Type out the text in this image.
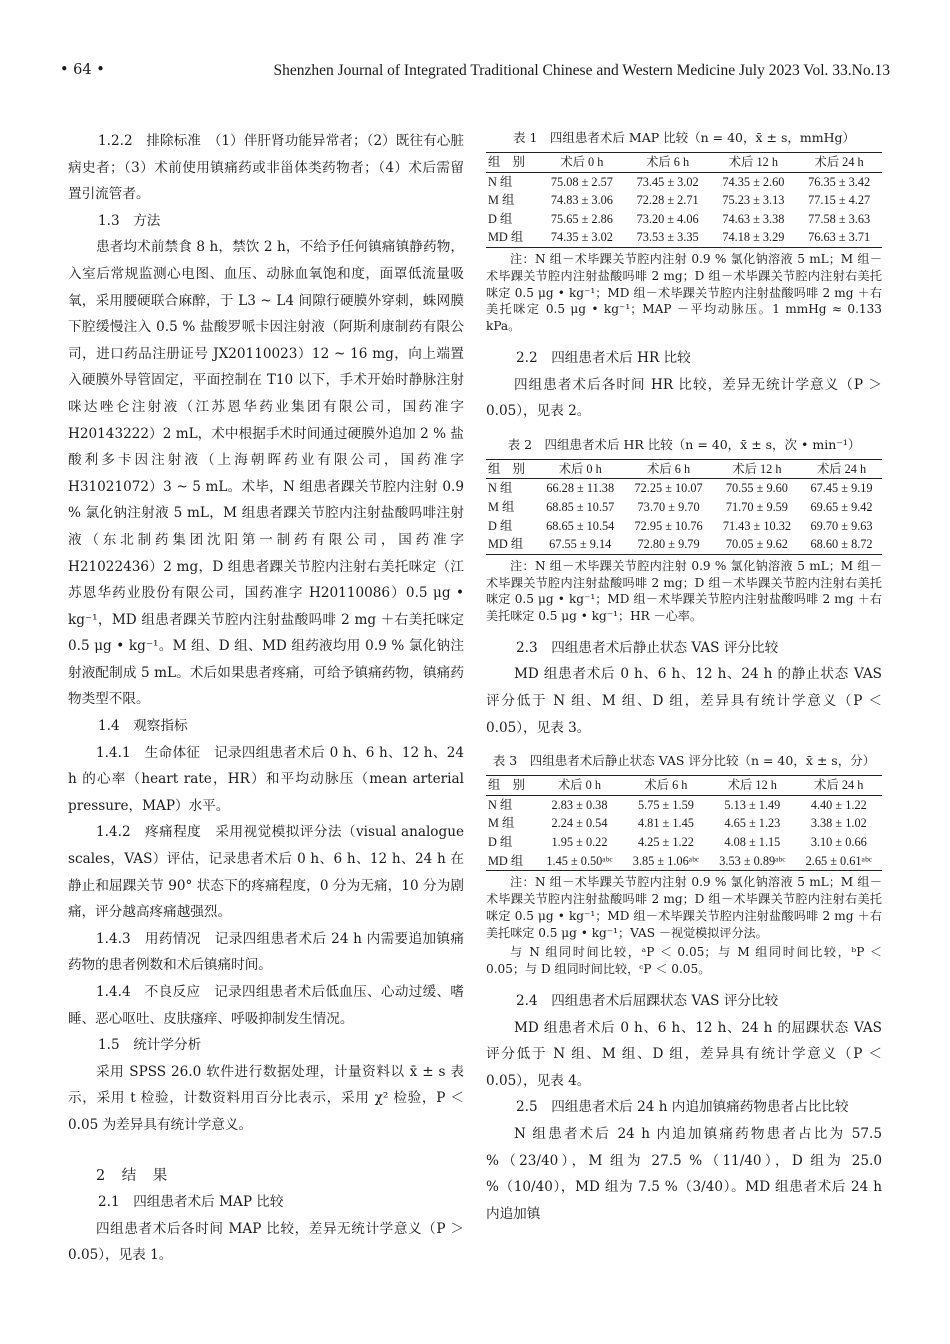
• 64 •	Shenzhen Journal of Integrated Traditional Chinese and Western Medicine July 2023 Vol. 33.No.13

1.2.2　排除标准　（1）伴肝肾功能异常者；（2）既往有心脏病史者；（3）术前使用镇痛药或非甾体类药物者；（4）术后需留置引流管者。

1.3　方法

患者均术前禁食 8 h，禁饮 2 h，不给予任何镇痛镇静药物，入室后常规监测心电图、血压、动脉血氧饱和度，面罩低流量吸氧，采用腰硬联合麻醉，于 L3 ~ L4 间隙行硬膜外穿刺，蛛网膜下腔缓慢注入 0.5 % 盐酸罗哌卡因注射液（阿斯利康制药有限公司，进口药品注册证号 JX20110023）12 ~ 16 mg，向上端置入硬膜外导管固定，平面控制在 T10 以下，手术开始时静脉注射咪达唑仑注射液（江苏恩华药业集团有限公司，国药准字 H20143222）2 mL，术中根据手术时间通过硬膜外追加 2 % 盐酸利多卡因注射液（上海朝晖药业有限公司，国药准字 H31021072）3 ~ 5 mL。术毕，N 组患者踝关节腔内注射 0.9 % 氯化钠注射液 5 mL，M 组患者踝关节腔内注射盐酸吗啡注射液（东北制药集团沈阳第一制药有限公司，国药准字 H21022436）2 mg，D 组患者踝关节腔内注射右美托咪定（江苏恩华药业股份有限公司，国药准字 H20110086）0.5 μg • kg⁻¹，MD 组患者踝关节腔内注射盐酸吗啡 2 mg ＋右美托咪定 0.5 μg • kg⁻¹。M 组、D 组、MD 组药液均用 0.9 % 氯化钠注射液配制成 5 mL。术后如果患者疼痛，可给予镇痛药物，镇痛药物类型不限。

1.4　观察指标

1.4.1　生命体征　记录四组患者术后 0 h、6 h、12 h、24 h 的心率（heart rate，HR）和平均动脉压（mean arterial pressure，MAP）水平。

1.4.2　疼痛程度　采用视觉模拟评分法（visual analogue scales，VAS）评估，记录患者术后 0 h、6 h、12 h、24 h 在静止和屈踝关节 90° 状态下的疼痛程度，0 分为无痛，10 分为剧痛，评分越高疼痛越强烈。

1.4.3　用药情况　记录四组患者术后 24 h 内需要追加镇痛药物的患者例数和术后镇痛时间。

1.4.4　不良反应　记录四组患者术后低血压、心动过缓、嗜睡、恶心呕吐、皮肤瘙痒、呼吸抑制发生情况。

1.5　统计学分析

采用 SPSS 26.0 软件进行数据处理，计量资料以 x̄ ± s 表示，采用 t 检验，计数资料用百分比表示，采用 χ² 检验，P ＜ 0.05 为差异具有统计学意义。

2　结　果

2.1　四组患者术后 MAP 比较

四组患者术后各时间 MAP 比较，差异无统计学意义（P ＞ 0.05），见表 1。

表 1　四组患者术后 MAP 比较（n = 40，x̄ ± s，mmHg）
组　别	术后 0 h	术后 6 h	术后 12 h	术后 24 h
N 组	75.08 ± 2.57	73.45 ± 3.02	74.35 ± 2.60	76.35 ± 3.42
M 组	74.83 ± 3.06	72.28 ± 2.71	75.23 ± 3.13	77.15 ± 4.27
D 组	75.65 ± 2.86	73.20 ± 4.06	74.63 ± 3.38	77.58 ± 3.63
MD 组	74.35 ± 3.02	73.53 ± 3.35	74.18 ± 3.29	76.63 ± 3.71
注：N 组－术毕踝关节腔内注射 0.9 % 氯化钠溶液 5 mL；M 组－术毕踝关节腔内注射盐酸吗啡 2 mg；D 组－术毕踝关节腔内注射右美托咪定 0.5 μg • kg⁻¹；MD 组－术毕踝关节腔内注射盐酸吗啡 2 mg ＋右美托咪定 0.5 μg • kg⁻¹；MAP －平均动脉压。1 mmHg ≈ 0.133 kPa。

2.2　四组患者术后 HR 比较

四组患者术后各时间 HR 比较，差异无统计学意义（P ＞ 0.05），见表 2。

表 2　四组患者术后 HR 比较（n = 40，x̄ ± s，次 • min⁻¹）
组　别	术后 0 h	术后 6 h	术后 12 h	术后 24 h
N 组	66.28 ± 11.38	72.25 ± 10.07	70.55 ± 9.60	67.45 ± 9.19
M 组	68.85 ± 10.57	73.70 ± 9.70	71.70 ± 9.59	69.65 ± 9.42
D 组	68.65 ± 10.54	72.95 ± 10.76	71.43 ± 10.32	69.70 ± 9.63
MD 组	67.55 ± 9.14	72.80 ± 9.79	70.05 ± 9.62	68.60 ± 8.72
注：N 组－术毕踝关节腔内注射 0.9 % 氯化钠溶液 5 mL；M 组－术毕踝关节腔内注射盐酸吗啡 2 mg；D 组－术毕踝关节腔内注射右美托咪定 0.5 μg • kg⁻¹；MD 组－术毕踝关节腔内注射盐酸吗啡 2 mg ＋右美托咪定 0.5 μg • kg⁻¹；HR －心率。

2.3　四组患者术后静止状态 VAS 评分比较

MD 组患者术后 0 h、6 h、12 h、24 h 的静止状态 VAS 评分低于 N 组、M 组、D 组，差异具有统计学意义（P ＜ 0.05），见表 3。

表 3　四组患者术后静止状态 VAS 评分比较（n = 40，x̄ ± s，分）
组　别	术后 0 h	术后 6 h	术后 12 h	术后 24 h
N 组	2.83 ± 0.38	5.75 ± 1.59	5.13 ± 1.49	4.40 ± 1.22
M 组	2.24 ± 0.54	4.81 ± 1.45	4.65 ± 1.23	3.38 ± 1.02
D 组	1.95 ± 0.22	4.25 ± 1.22	4.08 ± 1.15	3.10 ± 0.66
MD 组	1.45 ± 0.50ᵃᵇᶜ	3.85 ± 1.06ᵃᵇᶜ	3.53 ± 0.89ᵃᵇᶜ	2.65 ± 0.61ᵃᵇᶜ
注：N 组－术毕踝关节腔内注射 0.9 % 氯化钠溶液 5 mL；M 组－术毕踝关节腔内注射盐酸吗啡 2 mg；D 组－术毕踝关节腔内注射右美托咪定 0.5 μg • kg⁻¹；MD 组－术毕踝关节腔内注射盐酸吗啡 2 mg ＋右美托咪定 0.5 μg • kg⁻¹；VAS －视觉模拟评分法。
与 N 组同时间比较，ᵃP ＜ 0.05；与 M 组同时间比较，ᵇP ＜ 0.05；与 D 组同时间比较，ᶜP ＜ 0.05。

2.4　四组患者术后屈踝状态 VAS 评分比较

MD 组患者术后 0 h、6 h、12 h、24 h 的屈踝状态 VAS 评分低于 N 组、M 组、D 组，差异具有统计学意义（P ＜ 0.05），见表 4。

2.5　四组患者术后 24 h 内追加镇痛药物患者占比比较

N 组患者术后 24 h 内追加镇痛药物患者占比为 57.5 %（23/40），M 组为 27.5 %（11/40），D 组为 25.0 %（10/40），MD 组为 7.5 %（3/40）。MD 组患者术后 24 h 内追加镇
